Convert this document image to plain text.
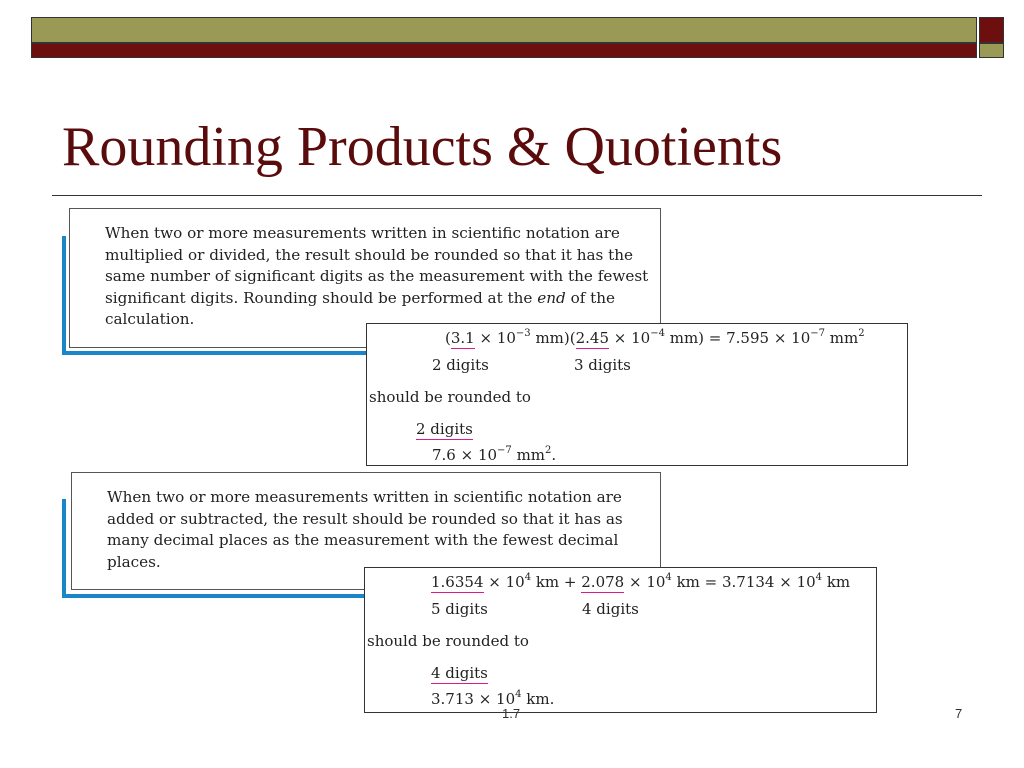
Rounding Products & Quotients
When two or more measurements written in scientific notation are multiplied or divided, the result should be rounded so that it has the same number of significant digits as the measurement with the fewest significant digits. Rounding should be performed at the end of the calculation.
($3.1 \times 10^{-3}$ $mm)(2.45 \times 10^{-4}$ $mm) = 7.595 \times 10^{-7}$ $mm^2$
2 digits	3 digits
should be rounded to
2 digits
$7.6 \times 10^{-7}$ $mm^2$.
When two or more measurements written in scientific notation are added or subtracted, the result should be rounded so that it has as many decimal places as the measurement with the fewest decimal places.
$1.6354 \times 10^4$ km + $2.078 \times 10^4$ km = $3.7134 \times 10^4$ km
5 digits	4 digits
should be rounded to
4 digits
$3.713 \times 10^4$ km.
1.7	7
